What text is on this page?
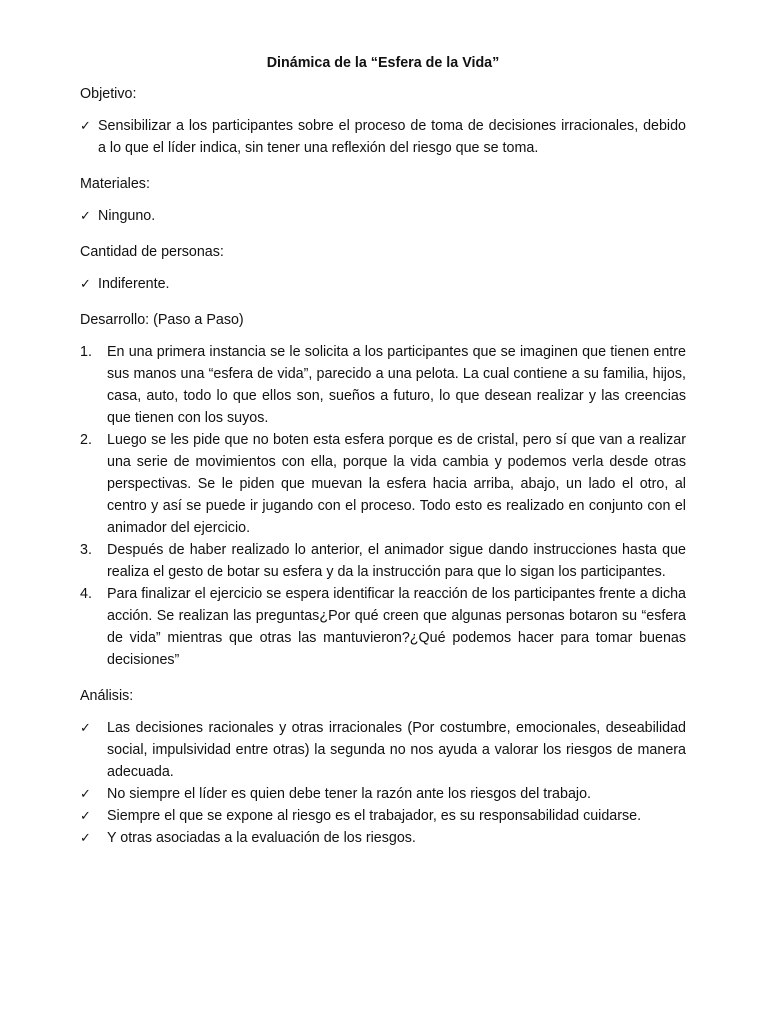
Dinámica de la “Esfera de la Vida”
Objetivo:
✓ Sensibilizar a los participantes sobre el proceso de toma de decisiones irracionales, debido a lo que el líder indica, sin tener una reflexión del riesgo que se toma.
Materiales:
✓ Ninguno.
Cantidad de personas:
✓ Indiferente.
Desarrollo: (Paso a Paso)
1. En una primera instancia se le solicita a los participantes que se imaginen que tienen entre sus manos una “esfera de vida”, parecido a una pelota. La cual contiene a su familia, hijos, casa, auto, todo lo que ellos son, sueños a futuro, lo que desean realizar y las creencias que tienen con los suyos.
2. Luego se les pide que no boten esta esfera porque es de cristal, pero sí que van a realizar una serie de movimientos con ella, porque la vida cambia y podemos verla desde otras perspectivas. Se le piden que muevan la esfera hacia arriba, abajo, un lado el otro, al centro y así se puede ir jugando con el proceso. Todo esto es realizado en conjunto con el animador del ejercicio.
3. Después de haber realizado lo anterior, el animador sigue dando instrucciones hasta que realiza el gesto de botar su esfera y da la instrucción para que lo sigan los participantes.
4. Para finalizar el ejercicio se espera identificar la reacción de los participantes frente a dicha acción. Se realizan las preguntas¿Por qué creen que algunas personas botaron su “esfera de vida” mientras que otras las mantuvieron?¿Qué podemos hacer para tomar buenas decisiones”
Análisis:
✓ Las decisiones racionales y otras irracionales (Por costumbre, emocionales, deseabilidad social, impulsividad entre otras) la segunda no nos ayuda a valorar los riesgos de manera adecuada.
✓ No siempre el líder es quien debe tener la razón ante los riesgos del trabajo.
✓ Siempre el que se expone al riesgo es el trabajador, es su responsabilidad cuidarse.
✓ Y otras asociadas a la evaluación de los riesgos.
